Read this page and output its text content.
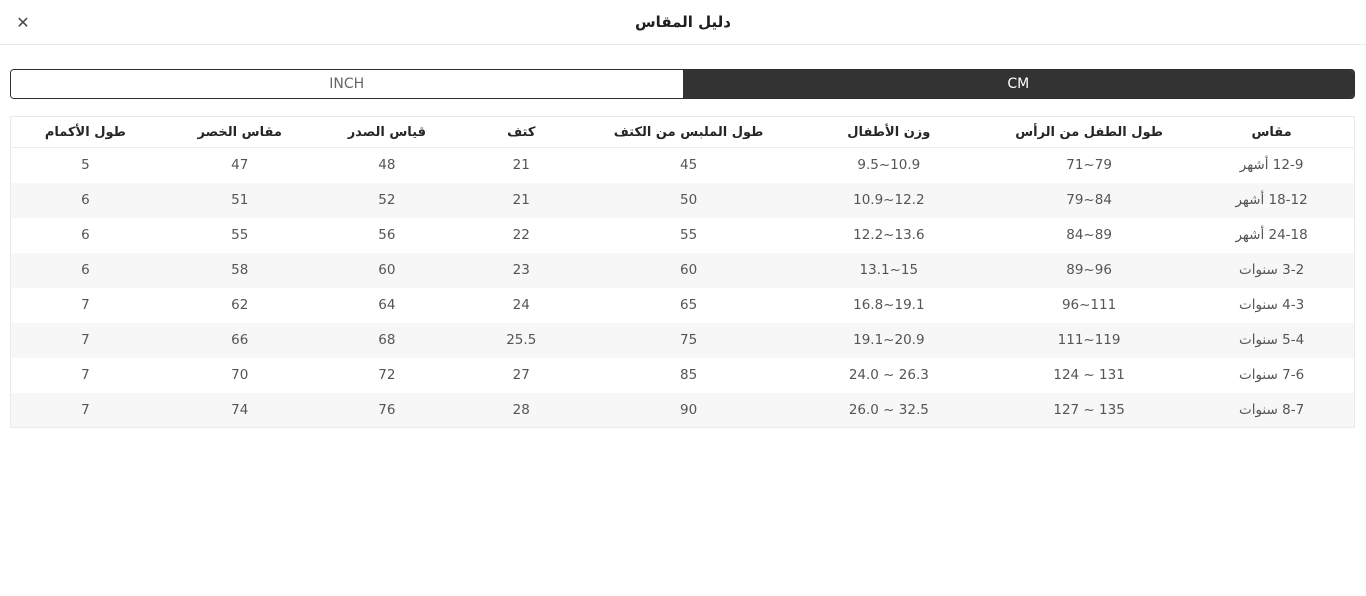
✕	دليل المقاس
INCH	CM
مقاس	طول الطفل من الرأس	وزن الأطفال	طول الملبس من الكتف	كتف	قياس الصدر	مقاس الخصر	طول الأكمام
12-9 أشهر	71~79	9.5~10.9	45	21	48	47	5
18-12 أشهر	79~84	10.9~12.2	50	21	52	51	6
24-18 أشهر	84~89	12.2~13.6	55	22	56	55	6
3-2 سنوات	89~96	13.1~15	60	23	60	58	6
4-3 سنوات	96~111	16.8~19.1	65	24	64	62	7
5-4 سنوات	111~119	19.1~20.9	75	25.5	68	66	7
7-6 سنوات	124 ~ 131	24.0 ~ 26.3	85	27	72	70	7
8-7 سنوات	127 ~ 135	26.0 ~ 32.5	90	28	76	74	7
